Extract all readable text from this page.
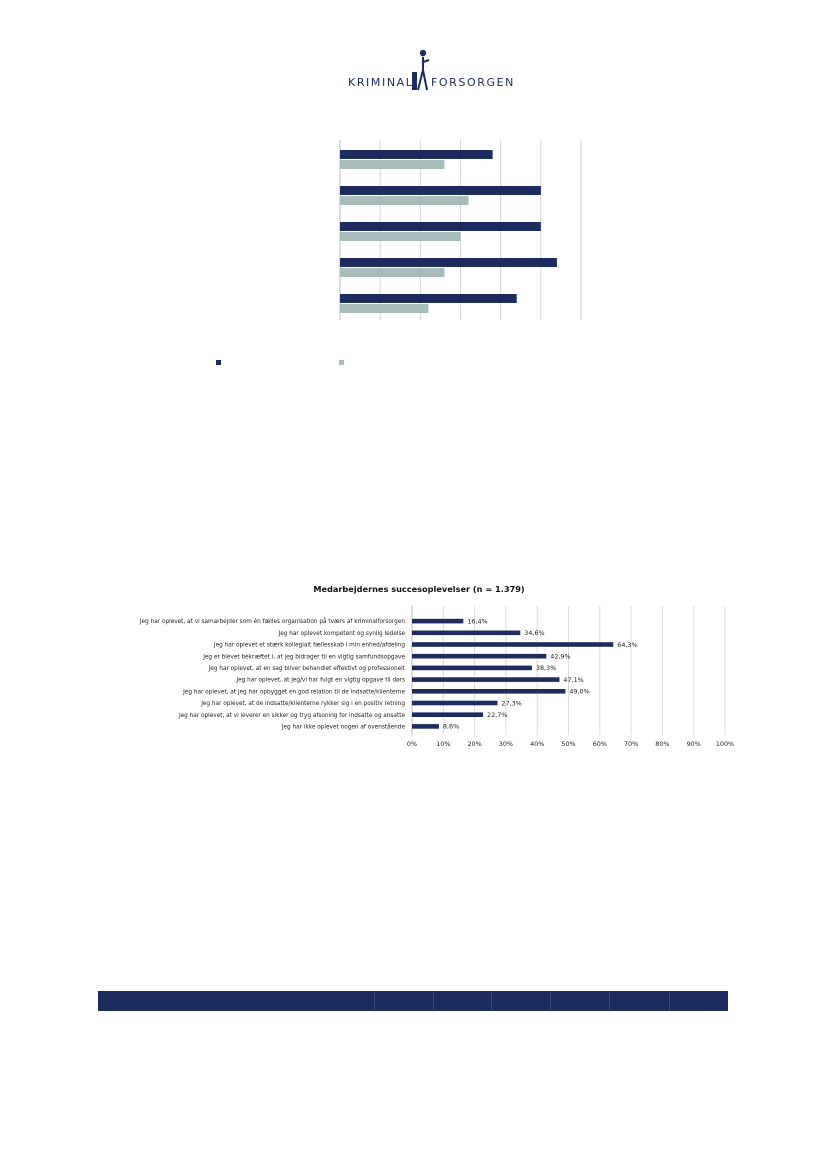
KRIMINAL FORSORGEN
Medarbejdernes succesoplevelser (n = 1.379)
Jeg har oplevet, at vi samarbejder som én fælles organisation på tværs af kriminalforsorgen	16,4%
Jeg har oplevet kompetent og synlig ledelse	34,6%
Jeg har oplevet et stærk kollegialt fællesskab i min enhed/afdeling	64,3%
Jeg er blevet bekræftet i, at jeg bidrager til en vigtig samfundsopgave	42,9%
Jeg har oplevet, at en sag bliver behandlet effektivt og professionelt	38,3%
Jeg har oplevet, at jeg/vi har fulgt en vigtig opgave til dørs	47,1%
Jeg har oplevet, at jeg har opbygget en god relation til de indsatte/klienterne	49,0%
Jeg har oplevet, at de indsatte/klienterne rykker sig i en positiv retning	27,3%
Jeg har oplevet, at vi leverer en sikker og tryg afsoning for indsatte og ansatte	22,7%
Jeg har ikke oplevet nogen af ovenstående	8,6%
0%	10%	20%	30%	40%	50%	60%	70%	80%	90% 100%
